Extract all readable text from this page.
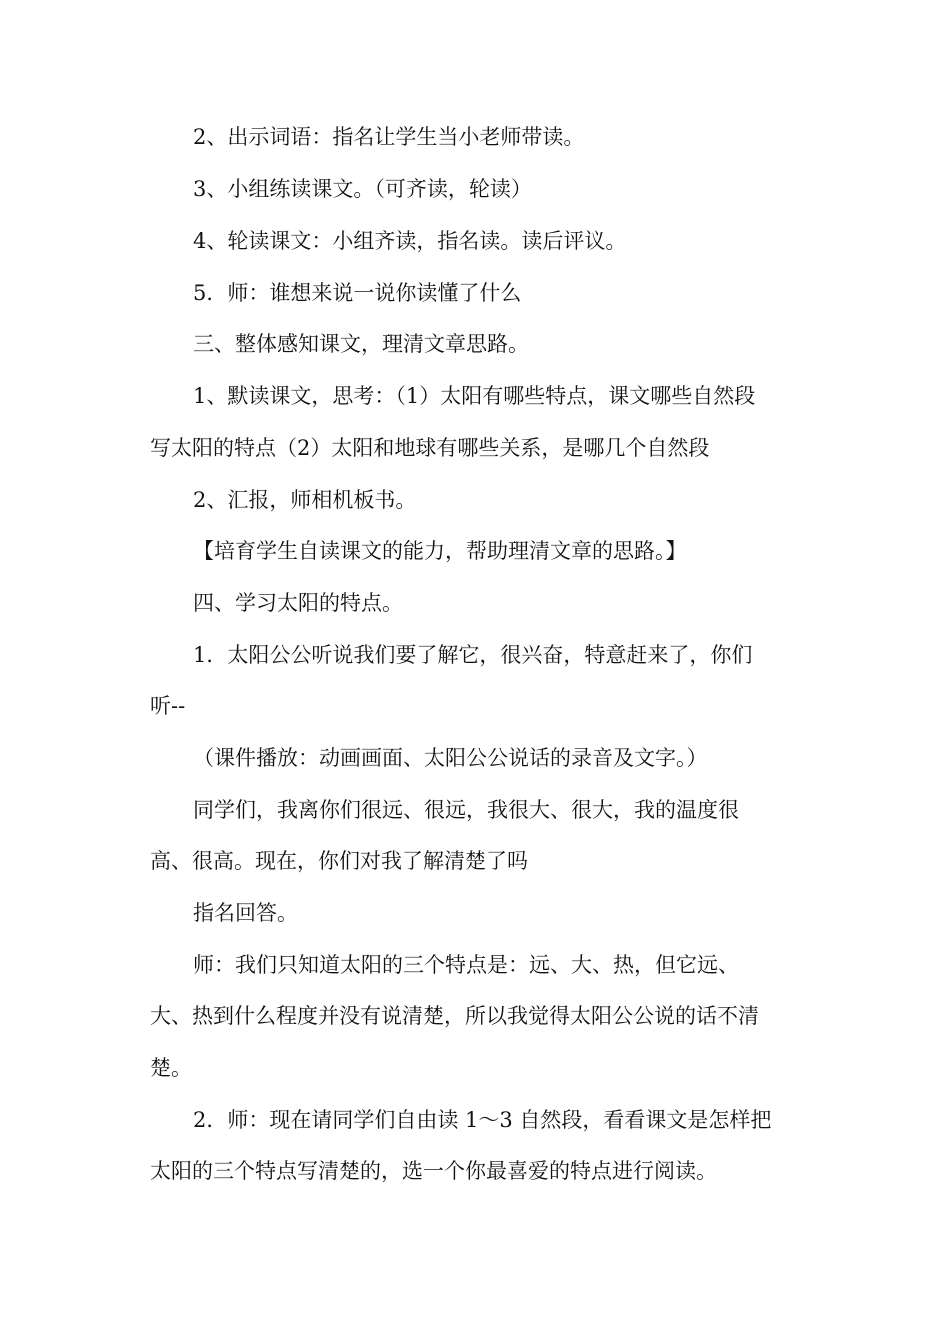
2、出示词语：指名让学生当小老师带读。
3、小组练读课文。（可齐读，轮读）
4、轮读课文：小组齐读，指名读。读后评议。
5．师：谁想来说一说你读懂了什么
三、整体感知课文，理清文章思路。
1、默读课文，思考：（1）太阳有哪些特点，课文哪些自然段
写太阳的特点（2）太阳和地球有哪些关系，是哪几个自然段
2、汇报，师相机板书。
【培育学生自读课文的能力，帮助理清文章的思路。】
四、学习太阳的特点。
1．太阳公公听说我们要了解它，很兴奋，特意赶来了，你们
听--
（课件播放：动画画面、太阳公公说话的录音及文字。）
同学们，我离你们很远、很远，我很大、很大，我的温度很
高、很高。现在，你们对我了解清楚了吗
指名回答。
师：我们只知道太阳的三个特点是：远、大、热，但它远、
大、热到什么程度并没有说清楚，所以我觉得太阳公公说的话不清
楚。
2．师：现在请同学们自由读 1～3 自然段，看看课文是怎样把
太阳的三个特点写清楚的，选一个你最喜爱的特点进行阅读。
